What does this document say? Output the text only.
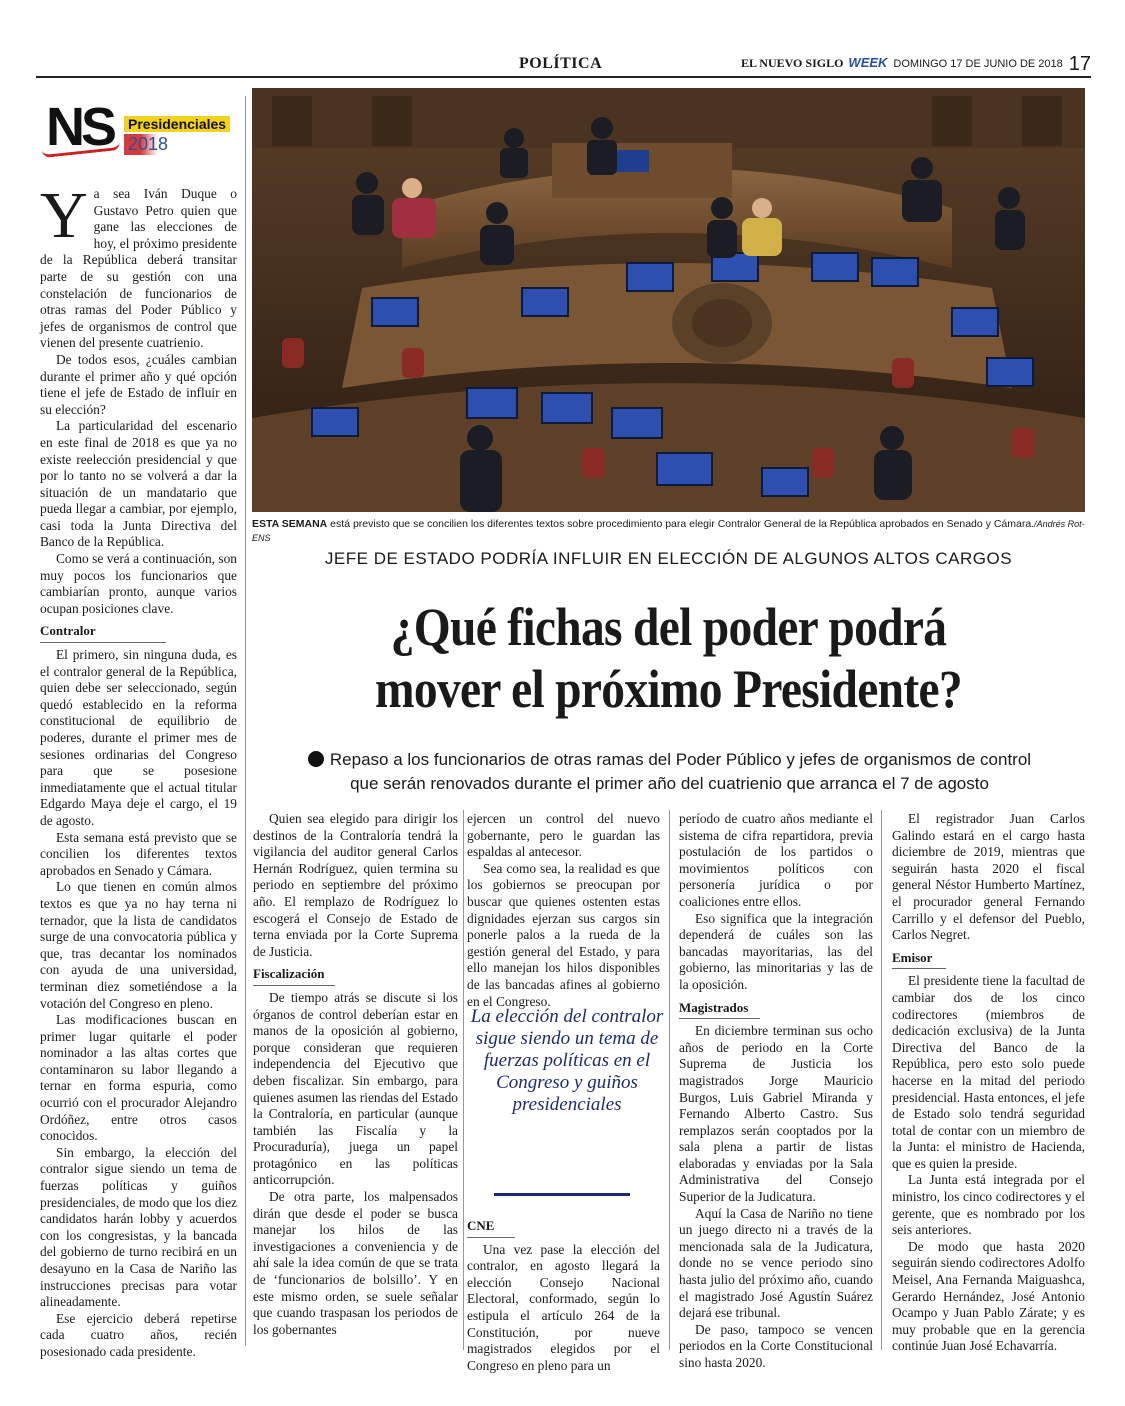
POLÍTICA	EL NUEVO SIGLO WEEK DOMINGO 17 DE JUNIO DE 2018 17
NS Presidenciales
2018

Ya sea Iván Duque o Gustavo Petro quien que gane las elecciones de hoy, el próximo presidente de la República deberá transitar parte de su gestión con una constelación de funcionarios de otras ramas del Poder Público y jefes de organismos de control que vienen del presente cuatrienio.

De todos esos, ¿cuáles cambian durante el primer año y qué opción tiene el jefe de Estado de influir en su elección?

La particularidad del escenario en este final de 2018 es que ya no existe reelección presidencial y que por lo tanto no se volverá a dar la situación de un mandatario que pueda llegar a cambiar, por ejemplo, casi toda la Junta Directiva del Banco de la República.

Como se verá a continuación, son muy pocos los funcionarios que cambiarían pronto, aunque varios ocupan posiciones clave.

Contralor

El primero, sin ninguna duda, es el contralor general de la República, quien debe ser seleccionado, según quedó establecido en la reforma constitucional de equilibrio de poderes, durante el primer mes de sesiones ordinarias del Congreso para que se posesione inmediatamente que el actual titular Edgardo Maya deje el cargo, el 19 de agosto.

Esta semana está previsto que se concilien los diferentes textos aprobados en Senado y Cámara.

Lo que tienen en común almos textos es que ya no hay terna ni ternador, que la lista de candidatos surge de una convocatoria pública y que, tras decantar los nominados con ayuda de una universidad, terminan diez sometiéndose a la votación del Congreso en pleno.

Las modificaciones buscan en primer lugar quitarle el poder nominador a las altas cortes que contaminaron su labor llegando a ternar en forma espuria, como ocurrió con el procurador Alejandro Ordóñez, entre otros casos conocidos.

Sin embargo, la elección del contralor sigue siendo un tema de fuerzas políticas y guiños presidenciales, de modo que los diez candidatos harán lobby y acuerdos con los congresistas, y la bancada del gobierno de turno recibirá en un desayuno en la Casa de Nariño las instrucciones precisas para votar alineadamente.

Ese ejercicio deberá repetirse cada cuatro años, recién posesionado cada presidente.

ESTA SEMANA está previsto que se concilien los diferentes textos sobre procedimiento para elegir Contralor General de la República aprobados en Senado y Cámara./Andrés Rot-ENS
JEFE DE ESTADO PODRÍA INFLUIR EN ELECCIÓN DE ALGUNOS ALTOS CARGOS
¿Qué fichas del poder podrá
mover el próximo Presidente?
Repaso a los funcionarios de otras ramas del Poder Público y jefes de organismos de control
que serán renovados durante el primer año del cuatrienio que arranca el 7 de agosto

Quien sea elegido para dirigir los destinos de la Contraloría tendrá la vigilancia del auditor general Carlos Hernán Rodríguez, quien termina su periodo en septiembre del próximo año. El remplazo de Rodríguez lo escogerá el Consejo de Estado de terna enviada por la Corte Suprema de Justicia.

Fiscalización

De tiempo atrás se discute si los órganos de control deberían estar en manos de la oposición al gobierno, porque consideran que requieren independencia del Ejecutivo que deben fiscalizar. Sin embargo, para quienes asumen las riendas del Estado la Contraloría, en particular (aunque también las Fiscalía y la Procuraduría), juega un papel protagónico en las políticas anticorrupción.

De otra parte, los malpensados dirán que desde el poder se busca manejar los hilos de las investigaciones a conveniencia y de ahí sale la idea común de que se trata de ‘funcionarios de bolsillo’. Y en este mismo orden, se suele señalar que cuando traspasan los periodos de los gobernantes

ejercen un control del nuevo gobernante, pero le guardan las espaldas al antecesor.

Sea como sea, la realidad es que los gobiernos se preocupan por buscar que quienes ostenten estas dignidades ejerzan sus cargos sin ponerle palos a la rueda de la gestión general del Estado, y para ello manejan los hilos disponibles de las bancadas afines al gobierno en el Congreso.

La elección del contralor sigue siendo un tema de fuerzas políticas en el Congreso y guiños presidenciales
CNE

Una vez pase la elección del contralor, en agosto llegará la elección Consejo Nacional Electoral, conformado, según lo estipula el artículo 264 de la Constitución, por nueve magistrados elegidos por el Congreso en pleno para un

período de cuatro años mediante el sistema de cifra repartidora, previa postulación de los partidos o movimientos políticos con personería jurídica o por coaliciones entre ellos.

Eso significa que la integración dependerá de cuáles son las bancadas mayoritarias, las del gobierno, las minoritarias y las de la oposición.

Magistrados

En diciembre terminan sus ocho años de periodo en la Corte Suprema de Justicia los magistrados Jorge Mauricio Burgos, Luis Gabriel Miranda y Fernando Alberto Castro. Sus remplazos serán cooptados por la sala plena a partir de listas elaboradas y enviadas por la Sala Administrativa del Consejo Superior de la Judicatura.

Aquí la Casa de Nariño no tiene un juego directo ni a través de la mencionada sala de la Judicatura, donde no se vence periodo sino hasta julio del próximo año, cuando el magistrado José Agustín Suárez dejará ese tribunal.

De paso, tampoco se vencen periodos en la Corte Constitucional sino hasta 2020.

El registrador Juan Carlos Galindo estará en el cargo hasta diciembre de 2019, mientras que seguirán hasta 2020 el fiscal general Néstor Humberto Martínez, el procurador general Fernando Carrillo y el defensor del Pueblo, Carlos Negret.

Emisor

El presidente tiene la facultad de cambiar dos de los cinco codirectores (miembros de dedicación exclusiva) de la Junta Directiva del Banco de la República, pero esto solo puede hacerse en la mitad del periodo presidencial. Hasta entonces, el jefe de Estado solo tendrá seguridad total de contar con un miembro de la Junta: el ministro de Hacienda, que es quien la preside.

La Junta está integrada por el ministro, los cinco codirectores y el gerente, que es nombrado por los seis anteriores.

De modo que hasta 2020 seguirán siendo codirectores Adolfo Meisel, Ana Fernanda Maiguashca, Gerardo Hernández, José Antonio Ocampo y Juan Pablo Zárate; y es muy probable que en la gerencia continúe Juan José Echavarría.
